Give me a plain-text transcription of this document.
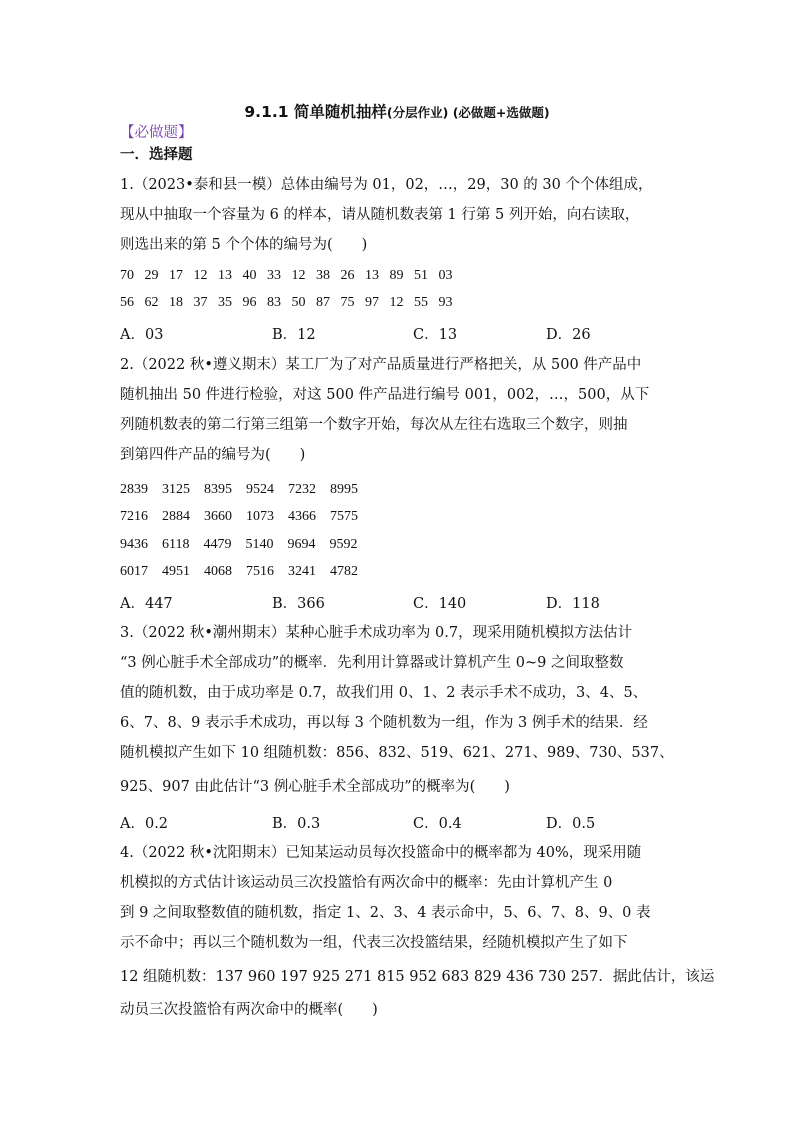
9.1.1 简单随机抽样(分层作业) (必做题+选做题)
【必做题】
一．选择题
1.（2023•泰和县一模）总体由编号为 01，02，…，29，30 的 30 个个体组成，
现从中抽取一个容量为 6 的样本，请从随机数表第 1 行第 5 列开始，向右读取，
则选出来的第 5 个个体的编号为(　　)
70   29   17   12   13   40   33   12   38   26   13   89   51   03
56   62   18   37   35   96   83   50   87   75   97   12   55   93
A．03	B．12	C．13	D．26
2.（2022 秋•遵义期末）某工厂为了对产品质量进行严格把关，从 500 件产品中
随机抽出 50 件进行检验，对这 500 件产品进行编号 001，002，…，500，从下
列随机数表的第二行第三组第一个数字开始，每次从左往右选取三个数字，则抽
到第四件产品的编号为(　　)
2839    3125    8395    9524    7232    8995
7216    2884    3660    1073    4366    7575
9436    6118    4479    5140    9694    9592
6017    4951    4068    7516    3241    4782
A．447	B．366	C．140	D．118
3.（2022 秋•潮州期末）某种心脏手术成功率为 0.7，现采用随机模拟方法估计
“3 例心脏手术全部成功”的概率．先利用计算器或计算机产生 0~9 之间取整数
值的随机数，由于成功率是 0.7，故我们用 0、1、2 表示手术不成功，3、4、5、
6、7、8、9 表示手术成功，再以每 3 个随机数为一组，作为 3 例手术的结果．经
随机模拟产生如下 10 组随机数：856、832、519、621、271、989、730、537、
925、907 由此估计“3 例心脏手术全部成功”的概率为(　　)
A．0.2	B．0.3	C．0.4	D．0.5
4.（2022 秋•沈阳期末）已知某运动员每次投篮命中的概率都为 40%，现采用随
机模拟的方式估计该运动员三次投篮恰有两次命中的概率：先由计算机产生 0
到 9 之间取整数值的随机数，指定 1、2、3、4 表示命中，5、6、7、8、9、0 表
示不命中；再以三个随机数为一组，代表三次投篮结果，经随机模拟产生了如下
12 组随机数：137 960 197 925 271 815 952 683 829 436 730 257．据此估计，该运
动员三次投篮恰有两次命中的概率(　　)
